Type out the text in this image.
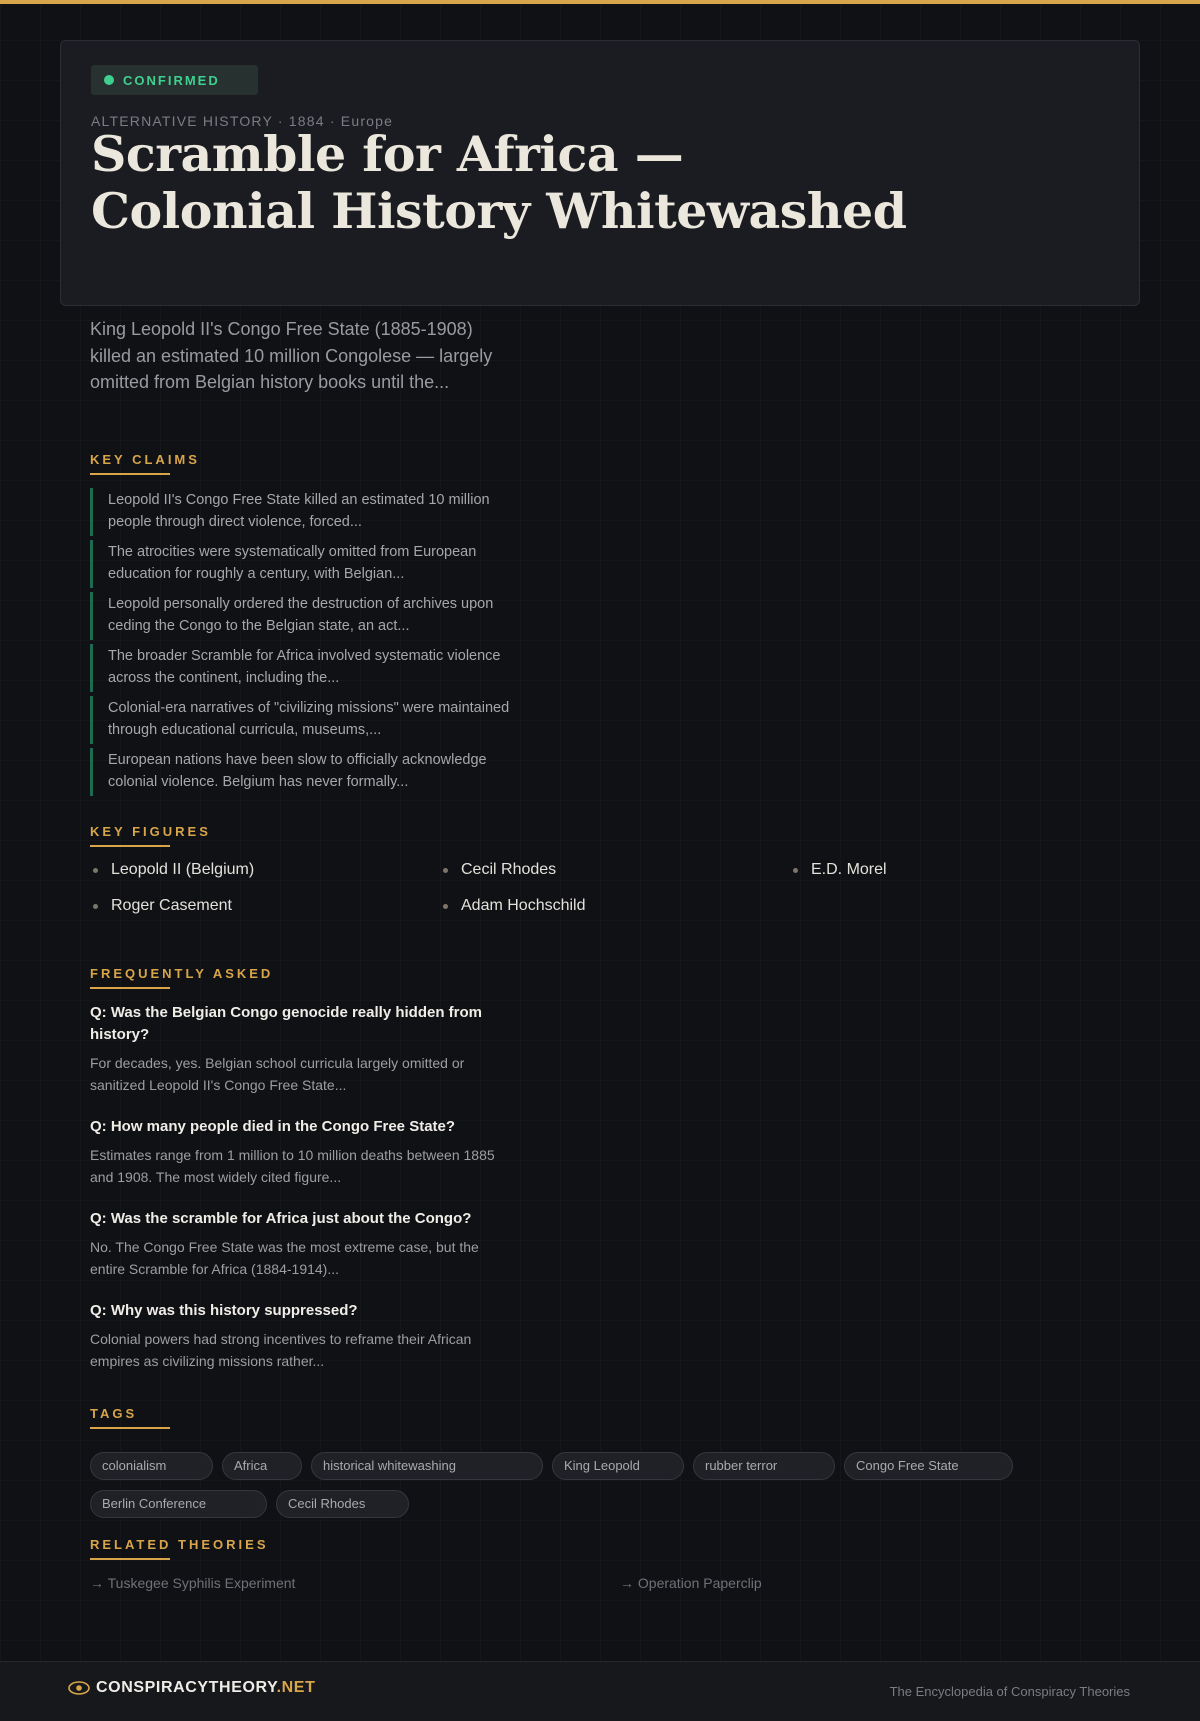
CONFIRMED
ALTERNATIVE HISTORY · 1884 · Europe
Scramble for Africa —
Colonial History Whitewashed

King Leopold II's Congo Free State (1885-1908) killed an estimated 10 million Congolese — largely omitted from Belgian history books until the...

KEY CLAIMS
Leopold II's Congo Free State killed an estimated 10 million people through direct violence, forced...
The atrocities were systematically omitted from European education for roughly a century, with Belgian...
Leopold personally ordered the destruction of archives upon ceding the Congo to the Belgian state, an act...
The broader Scramble for Africa involved systematic violence across the continent, including the...
Colonial-era narratives of "civilizing missions" were maintained through educational curricula, museums,...
European nations have been slow to officially acknowledge colonial violence. Belgium has never formally...
KEY FIGURES
Leopold II (Belgium)	Cecil Rhodes	E.D. Morel
Roger Casement	Adam Hochschild
FREQUENTLY ASKED
Q: Was the Belgian Congo genocide really hidden from history?
For decades, yes. Belgian school curricula largely omitted or sanitized Leopold II's Congo Free State...
Q: How many people died in the Congo Free State?
Estimates range from 1 million to 10 million deaths between 1885 and 1908. The most widely cited figure...
Q: Was the scramble for Africa just about the Congo?
No. The Congo Free State was the most extreme case, but the entire Scramble for Africa (1884-1914)...
Q: Why was this history suppressed?
Colonial powers had strong incentives to reframe their African empires as civilizing missions rather...
TAGS
colonialism	Africa	historical whitewashing	King Leopold	rubber terror	Congo Free State
Berlin Conference	Cecil Rhodes
RELATED THEORIES
→ Tuskegee Syphilis Experiment	→ Operation Paperclip
CONSPIRACYTHEORY.NET	The Encyclopedia of Conspiracy Theories
